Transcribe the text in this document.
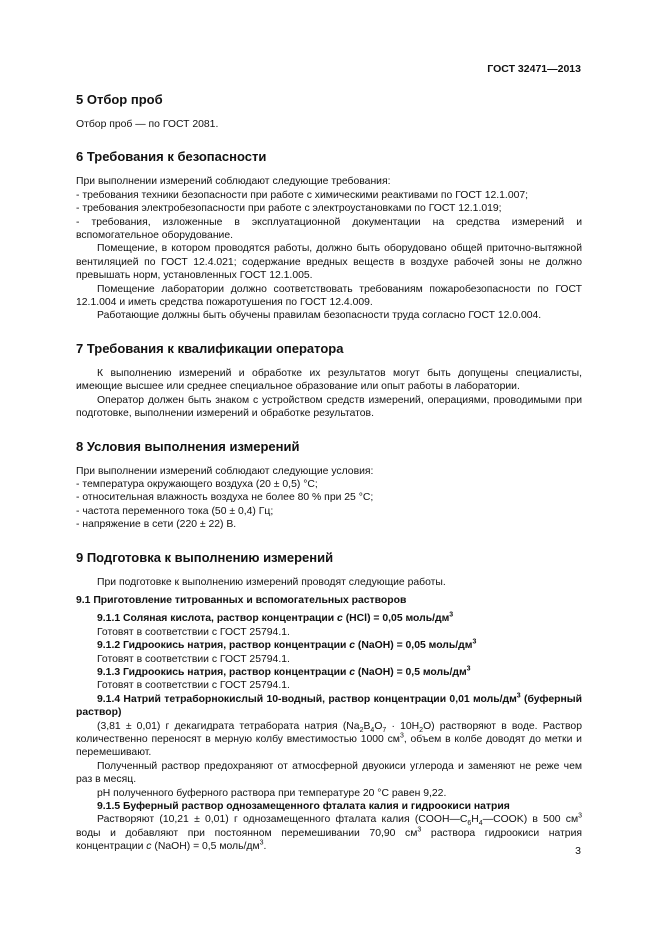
ГОСТ 32471—2013
5 Отбор проб

Отбор проб — по ГОСТ 2081.

6 Требования к безопасности

При выполнении измерений соблюдают следующие требования:

- требования техники безопасности при работе с химическими реактивами по ГОСТ 12.1.007;

- требования электробезопасности при работе с электроустановками по ГОСТ 12.1.019;

- требования, изложенные в эксплуатационной документации на средства измерений и вспомогательное оборудование.

Помещение, в котором проводятся работы, должно быть оборудовано общей приточно-вытяжной вентиляцией по ГОСТ 12.4.021; содержание вредных веществ в воздухе рабочей зоны не должно превышать норм, установленных ГОСТ 12.1.005.

Помещение лаборатории должно соответствовать требованиям пожаробезопасности по ГОСТ 12.1.004 и иметь средства пожаротушения по ГОСТ 12.4.009.

Работающие должны быть обучены правилам безопасности труда согласно ГОСТ 12.0.004.

7 Требования к квалификации оператора

К выполнению измерений и обработке их результатов могут быть допущены специалисты, имеющие высшее или среднее специальное образование или опыт работы в лаборатории.

Оператор должен быть знаком с устройством средств измерений, операциями, проводимыми при подготовке, выполнении измерений и обработке результатов.

8 Условия выполнения измерений

При выполнении измерений соблюдают следующие условия:

- температура окружающего воздуха (20 ± 0,5) °С;

- относительная влажность воздуха не более 80 % при 25 °С;

- частота переменного тока (50 ± 0,4) Гц;

- напряжение в сети (220 ± 22) В.

9 Подготовка к выполнению измерений

При подготовке к выполнению измерений проводят следующие работы.

9.1 Приготовление титрованных и вспомогательных растворов

9.1.1 Соляная кислота, раствор концентрации с (HCl) = 0,05 моль/$дм^3$

Готовят в соответствии с ГОСТ 25794.1.

9.1.2 Гидроокись натрия, раствор концентрации с (NaOH) = 0,05 моль/$дм^3$

Готовят в соответствии с ГОСТ 25794.1.

9.1.3 Гидроокись натрия, раствор концентрации с (NaOH) = 0,5 моль/$дм^3$

Готовят в соответствии с ГОСТ 25794.1.

9.1.4 Натрий тетраборнокислый 10-водный, раствор концентрации 0,01 моль/$дм^3$ (буферный раствор)

(3,81 ± 0,01) г декагидрата тетрабората натрия $(Na_2B_4O_7 \cdot 10H_2O)$ растворяют в воде. Раствор количественно переносят в мерную колбу вместимостью 1000 $см^3$, объем в колбе доводят до метки и перемешивают.

Полученный раствор предохраняют от атмосферной двуокиси углерода и заменяют не реже чем раз в месяц.

рН полученного буферного раствора при температуре 20 °С равен 9,22.

9.1.5 Буферный раствор однозамещенного фталата калия и гидроокиси натрия

Растворяют (10,21 ± 0,01) г однозамещенного фталата калия $(COOH—C_6H_4—COOK)$ в 500 $см^3$ воды и добавляют при постоянном перемешивании 70,90 $см^3$ раствора гидроокиси натрия концентрации с (NaOH) = 0,5 моль/$дм^3$.	3
